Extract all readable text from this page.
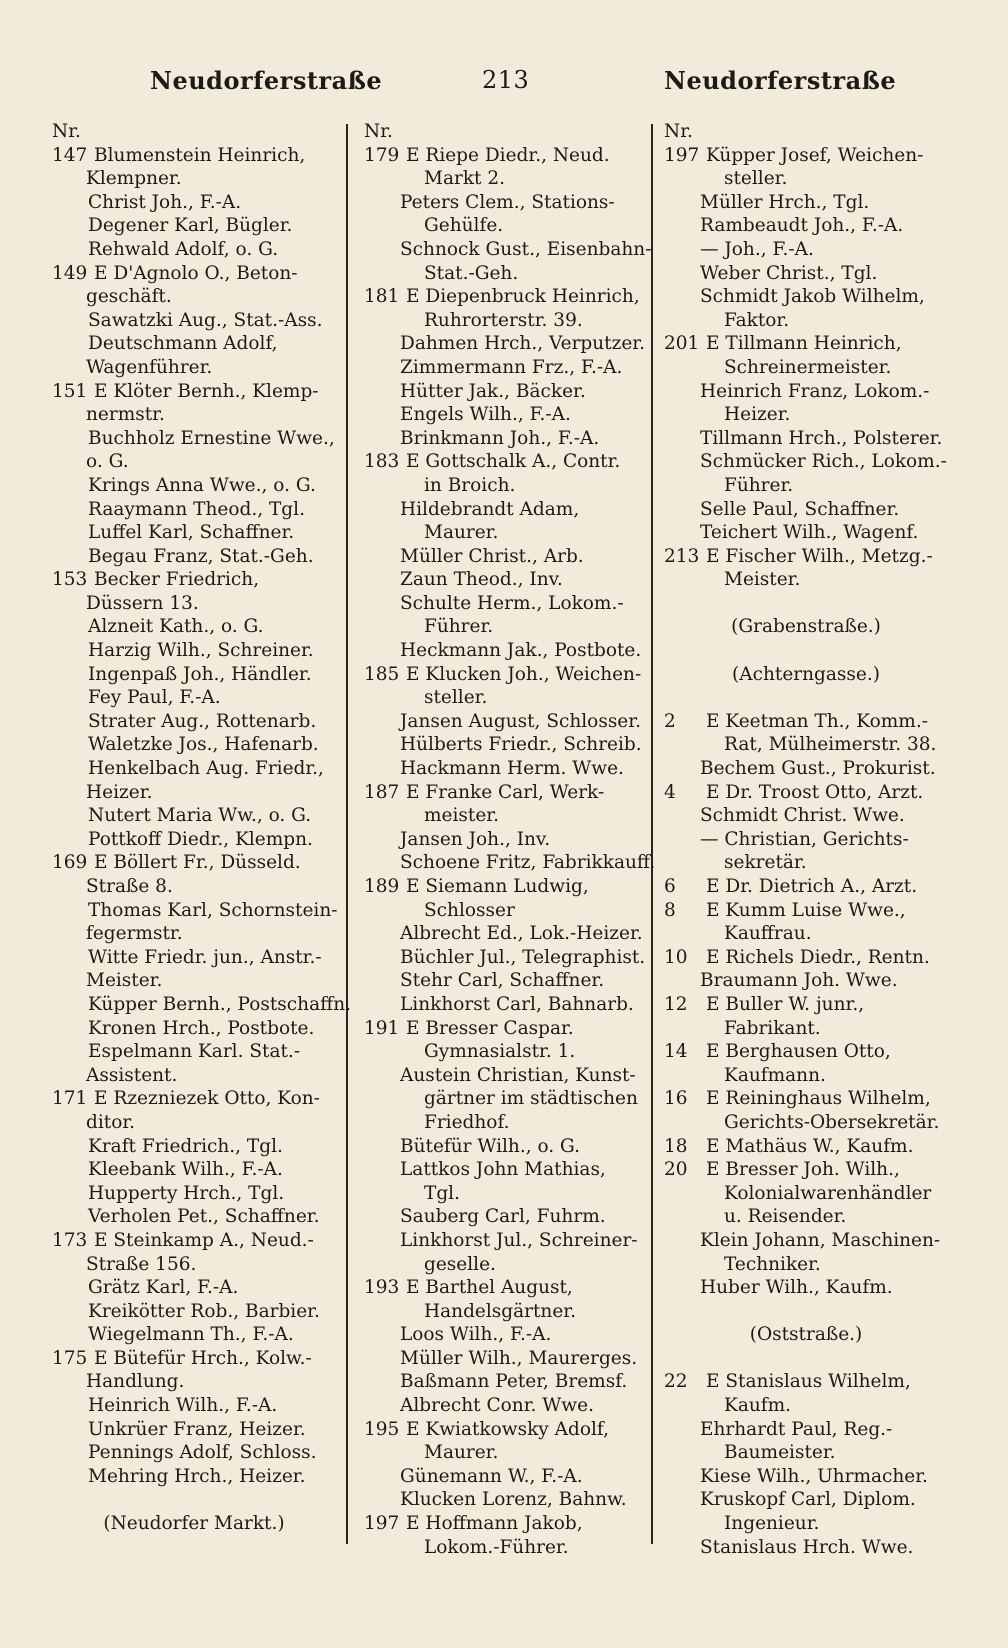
Neudorferstraße	213	Neudorferstraße
Nr.
147 Blumenstein Heinrich,
Klempner.
Christ Joh., F.-A.
Degener Karl, Bügler.
Rehwald Adolf, o. G.
149 E D'Agnolo O., Beton-
geschäft.
Sawatzki Aug., Stat.-Ass.
Deutschmann Adolf,
Wagenführer.
151 E Klöter Bernh., Klemp-
nermstr.
Buchholz Ernestine Wwe.,
o. G.
Krings Anna Wwe., o. G.
Raaymann Theod., Tgl.
Luffel Karl, Schaffner.
Begau Franz, Stat.-Geh.
153 Becker Friedrich,
Düssern 13.
Alzneit Kath., o. G.
Harzig Wilh., Schreiner.
Ingenpaß Joh., Händler.
Fey Paul, F.-A.
Strater Aug., Rottenarb.
Waletzke Jos., Hafenarb.
Henkelbach Aug. Friedr.,
Heizer.
Nutert Maria Ww., o. G.
Pottkoff Diedr., Klempn.
169 E Böllert Fr., Düsseld.
Straße 8.
Thomas Karl, Schornstein-
fegermstr.
Witte Friedr. jun., Anstr.-
Meister.
Küpper Bernh., Postschaffn.
Kronen Hrch., Postbote.
Espelmann Karl. Stat.-
Assistent.
171 E Rzezniezek Otto, Kon-
ditor.
Kraft Friedrich., Tgl.
Kleebank Wilh., F.-A.
Hupperty Hrch., Tgl.
Verholen Pet., Schaffner.
173 E Steinkamp A., Neud.-
Straße 156.
Grätz Karl, F.-A.
Kreikötter Rob., Barbier.
Wiegelmann Th., F.-A.
175 E Bütefür Hrch., Kolw.-
Handlung.
Heinrich Wilh., F.-A.
Unkrüer Franz, Heizer.
Pennings Adolf, Schloss.
Mehring Hrch., Heizer.
(Neudorfer Markt.)
Nr.
179 E Riepe Diedr., Neud.
Markt 2.
Peters Clem., Stations-
Gehülfe.
Schnock Gust., Eisenbahn-
Stat.-Geh.
181 E Diepenbruck Heinrich,
Ruhrorterstr. 39.
Dahmen Hrch., Verputzer.
Zimmermann Frz., F.-A.
Hütter Jak., Bäcker.
Engels Wilh., F.-A.
Brinkmann Joh., F.-A.
183 E Gottschalk A., Contr.
in Broich.
Hildebrandt Adam,
Maurer.
Müller Christ., Arb.
Zaun Theod., Inv.
Schulte Herm., Lokom.-
Führer.
Heckmann Jak., Postbote.
185 E Klucken Joh., Weichen-
steller.
Jansen August, Schlosser.
Hülberts Friedr., Schreib.
Hackmann Herm. Wwe.
187 E Franke Carl, Werk-
meister.
Jansen Joh., Inv.
Schoene Fritz, Fabrikkauff.
189 E Siemann Ludwig,
Schlosser
Albrecht Ed., Lok.-Heizer.
Büchler Jul., Telegraphist.
Stehr Carl, Schaffner.
Linkhorst Carl, Bahnarb.
191 E Bresser Caspar.
Gymnasialstr. 1.
Austein Christian, Kunst-
gärtner im städtischen
Friedhof.
Bütefür Wilh., o. G.
Lattkos John Mathias,
Tgl.
Sauberg Carl, Fuhrm.
Linkhorst Jul., Schreiner-
geselle.
193 E Barthel August,
Handelsgärtner.
Loos Wilh., F.-A.
Müller Wilh., Maurerges.
Baßmann Peter, Bremsf.
Albrecht Conr. Wwe.
195 E Kwiatkowsky Adolf,
Maurer.
Günemann W., F.-A.
Klucken Lorenz, Bahnw.
197 E Hoffmann Jakob,
Lokom.-Führer.
Nr.
197 Küpper Josef, Weichen-
steller.
Müller Hrch., Tgl.
Rambeaudt Joh., F.-A.
— Joh., F.-A.
Weber Christ., Tgl.
Schmidt Jakob Wilhelm,
Faktor.
201 E Tillmann Heinrich,
Schreinermeister.
Heinrich Franz, Lokom.-
Heizer.
Tillmann Hrch., Polsterer.
Schmücker Rich., Lokom.-
Führer.
Selle Paul, Schaffner.
Teichert Wilh., Wagenf.
213 E Fischer Wilh., Metzg.-
Meister.
(Grabenstraße.)
(Achterngasse.)
2 E Keetman Th., Komm.-
Rat, Mülheimerstr. 38.
Bechem Gust., Prokurist.
4 E Dr. Troost Otto, Arzt.
Schmidt Christ. Wwe.
— Christian, Gerichts-
sekretär.
6 E Dr. Dietrich A., Arzt.
8 E Kumm Luise Wwe.,
Kauffrau.
10 E Richels Diedr., Rentn.
Braumann Joh. Wwe.
12 E Buller W. junr.,
Fabrikant.
14 E Berghausen Otto,
Kaufmann.
16 E Reininghaus Wilhelm,
Gerichts-Obersekretär.
18 E Mathäus W., Kaufm.
20 E Bresser Joh. Wilh.,
Kolonialwarenhändler
u. Reisender.
Klein Johann, Maschinen-
Techniker.
Huber Wilh., Kaufm.
(Oststraße.)
22 E Stanislaus Wilhelm,
Kaufm.
Ehrhardt Paul, Reg.-
Baumeister.
Kiese Wilh., Uhrmacher.
Kruskopf Carl, Diplom.
Ingenieur.
Stanislaus Hrch. Wwe.
